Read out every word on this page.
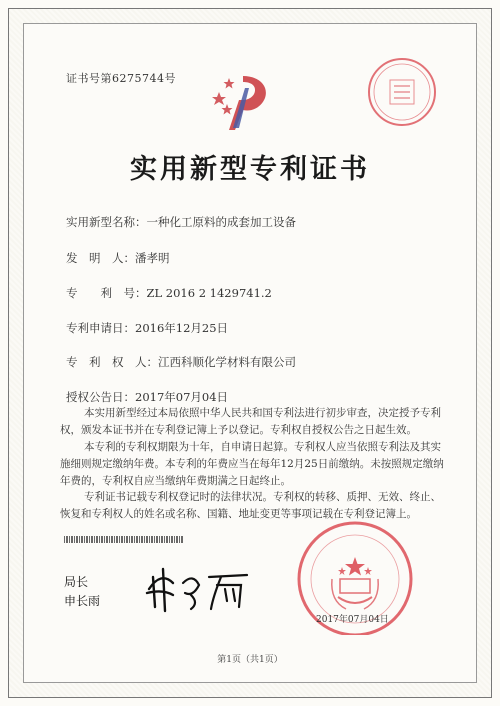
证书号第6275744号
实用新型专利证书
实用新型名称：一种化工原料的成套加工设备
发　明　人：潘孝明
专　　利　号：ZL 2016 2 1429741.2
专利申请日：2016年12月25日
专　利　权　人：江西科顺化学材料有限公司
授权公告日：2017年07月04日
本实用新型经过本局依照中华人民共和国专利法进行初步审查，决定授予专利权，颁发本证书并在专利登记簿上予以登记。专利权自授权公告之日起生效。
本专利的专利权期限为十年，自申请日起算。专利权人应当依照专利法及其实施细则规定缴纳年费。本专利的年费应当在每年12月25日前缴纳。未按照规定缴纳年费的，专利权自应当缴纳年费期满之日起终止。
专利证书记载专利权登记时的法律状况。专利权的转移、质押、无效、终止、恢复和专利权人的姓名或名称、国籍、地址变更等事项记载在专利登记簿上。
局长
申长雨
2017年07月04日
第1页（共1页）
